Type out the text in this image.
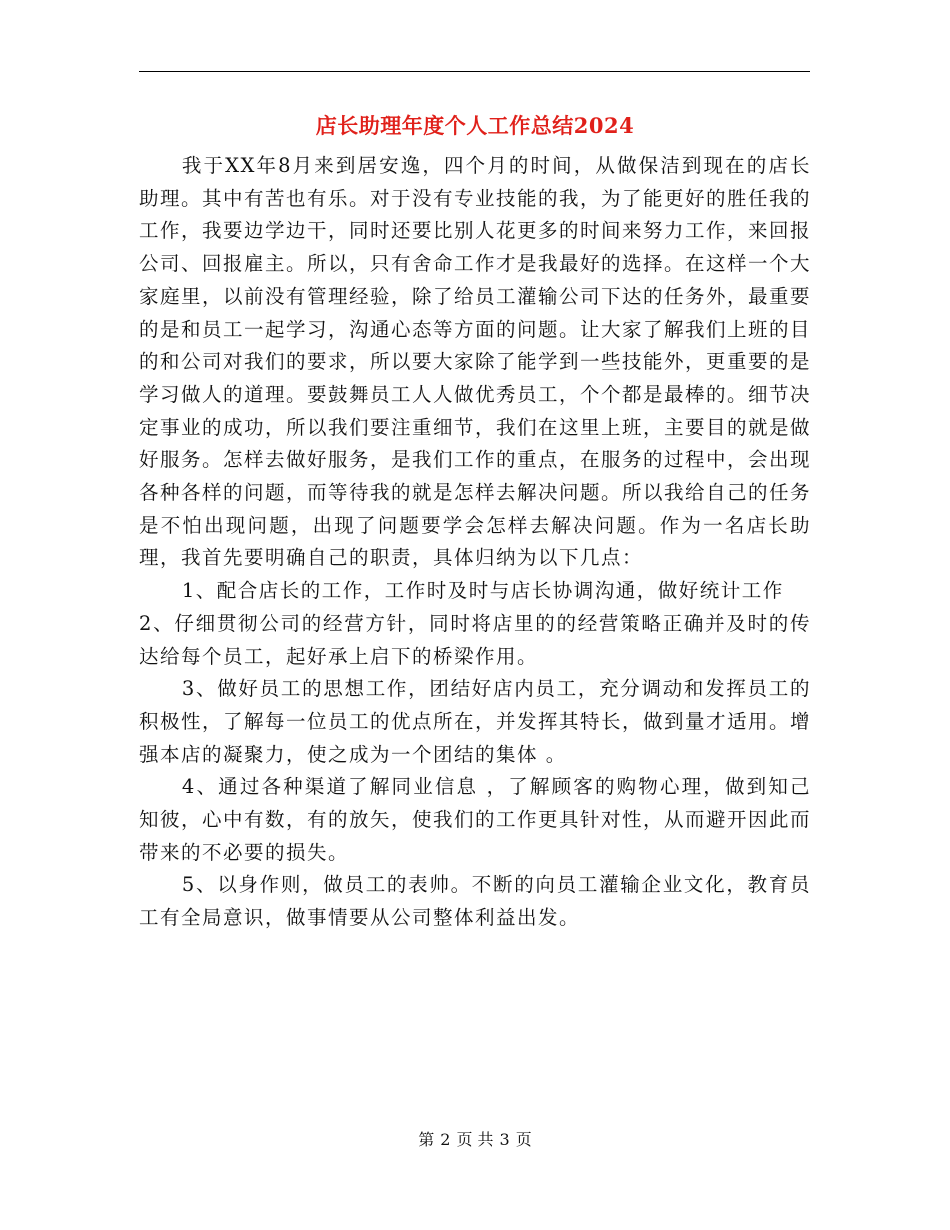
店长助理年度个人工作总结2024

我于XX年8月来到居安逸，四个月的时间，从做保洁到现在的店长助理。其中有苦也有乐。对于没有专业技能的我，为了能更好的胜任我的工作，我要边学边干，同时还要比别人花更多的时间来努力工作，来回报公司、回报雇主。所以，只有舍命工作才是我最好的选择。在这样一个大家庭里，以前没有管理经验，除了给员工灌输公司下达的任务外，最重要的是和员工一起学习，沟通心态等方面的问题。让大家了解我们上班的目的和公司对我们的要求，所以要大家除了能学到一些技能外，更重要的是学习做人的道理。要鼓舞员工人人做优秀员工，个个都是最棒的。细节决定事业的成功，所以我们要注重细节，我们在这里上班，主要目的就是做好服务。怎样去做好服务，是我们工作的重点，在服务的过程中，会出现各种各样的问题，而等待我的就是怎样去解决问题。所以我给自己的任务是不怕出现问题，出现了问题要学会怎样去解决问题。作为一名店长助理，我首先要明确自己的职责，具体归纳为以下几点：

1、配合店长的工作，工作时及时与店长协调沟通，做好统计工作

2、仔细贯彻公司的经营方针，同时将店里的的经营策略正确并及时的传达给每个员工，起好承上启下的桥梁作用。

3、做好员工的思想工作，团结好店内员工，充分调动和发挥员工的积极性，了解每一位员工的优点所在，并发挥其特长，做到量才适用。增强本店的凝聚力，使之成为一个团结的集体 。

4、通过各种渠道了解同业信息 ，了解顾客的购物心理，做到知己知彼，心中有数，有的放矢，使我们的工作更具针对性，从而避开因此而带来的不必要的损失。

5、以身作则，做员工的表帅。不断的向员工灌输企业文化，教育员工有全局意识，做事情要从公司整体利益出发。

第 2 页 共 3 页
